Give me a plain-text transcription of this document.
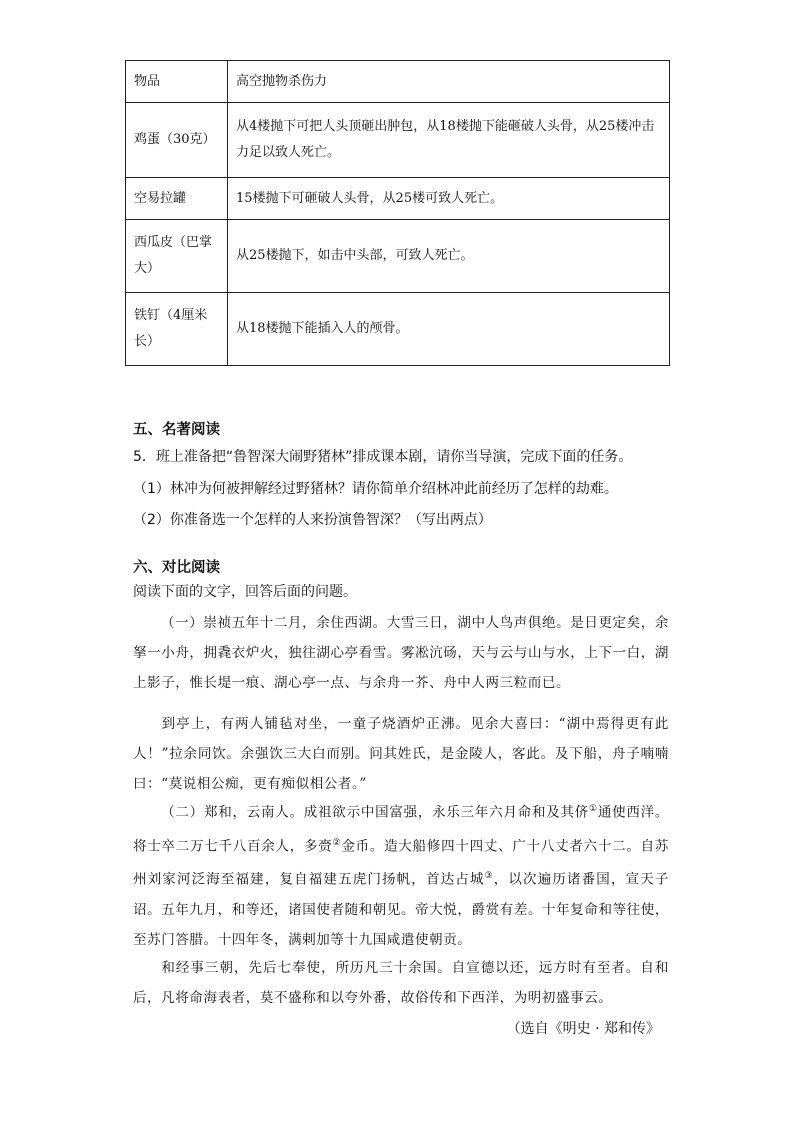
物品	高空抛物杀伤力
鸡蛋（30克）	从4楼抛下可把人头顶砸出肿包，从18楼抛下能砸破人头骨，从25楼冲击力足以致人死亡。
空易拉罐	15楼抛下可砸破人头骨，从25楼可致人死亡。
西瓜皮（巴掌大）	从25楼抛下，如击中头部，可致人死亡。
铁钉（4厘米长）	从18楼抛下能插入人的颅骨。
五、名著阅读
5．班上准备把“鲁智深大闹野猪林”排成课本剧，请你当导演，完成下面的任务。
（1）林冲为何被押解经过野猪林？请你简单介绍林冲此前经历了怎样的劫难。
（2）你准备选一个怎样的人来扮演鲁智深？（写出两点）
六、对比阅读
阅读下面的文字，回答后面的问题。
（一）崇祯五年十二月，余住西湖。大雪三日，湖中人鸟声俱绝。是日更定矣，余拏一小舟，拥毳衣炉火，独往湖心亭看雪。雾凇沆砀，天与云与山与水，上下一白，湖上影子，惟长堤一痕、湖心亭一点、与余舟一芥、舟中人两三粒而已。
到亭上，有两人铺毡对坐，一童子烧酒炉正沸。见余大喜曰：“湖中焉得更有此人！”拉余同饮。余强饮三大白而别。问其姓氏，是金陵人，客此。及下船，舟子喃喃曰：“莫说相公痴，更有痴似相公者。”
（二）郑和，云南人。成祖欲示中国富强，永乐三年六月命和及其侪①通使西洋。将士卒二万七千八百余人，多赍②金币。造大船修四十四丈、广十八丈者六十二。自苏州刘家河泛海至福建，复自福建五虎门扬帆，首达占城③，以次遍历诸番国，宣天子诏。五年九月，和等还，诸国使者随和朝见。帝大悦，爵赏有差。十年复命和等往使，至苏门答腊。十四年冬，满剌加等十九国咸遣使朝贡。
和经事三朝，先后七奉使，所历凡三十余国。自宣德以还，远方时有至者。自和后，凡将命海表者，莫不盛称和以夸外番，故俗传和下西洋，为明初盛事云。
（选自《明史 · 郑和传》
